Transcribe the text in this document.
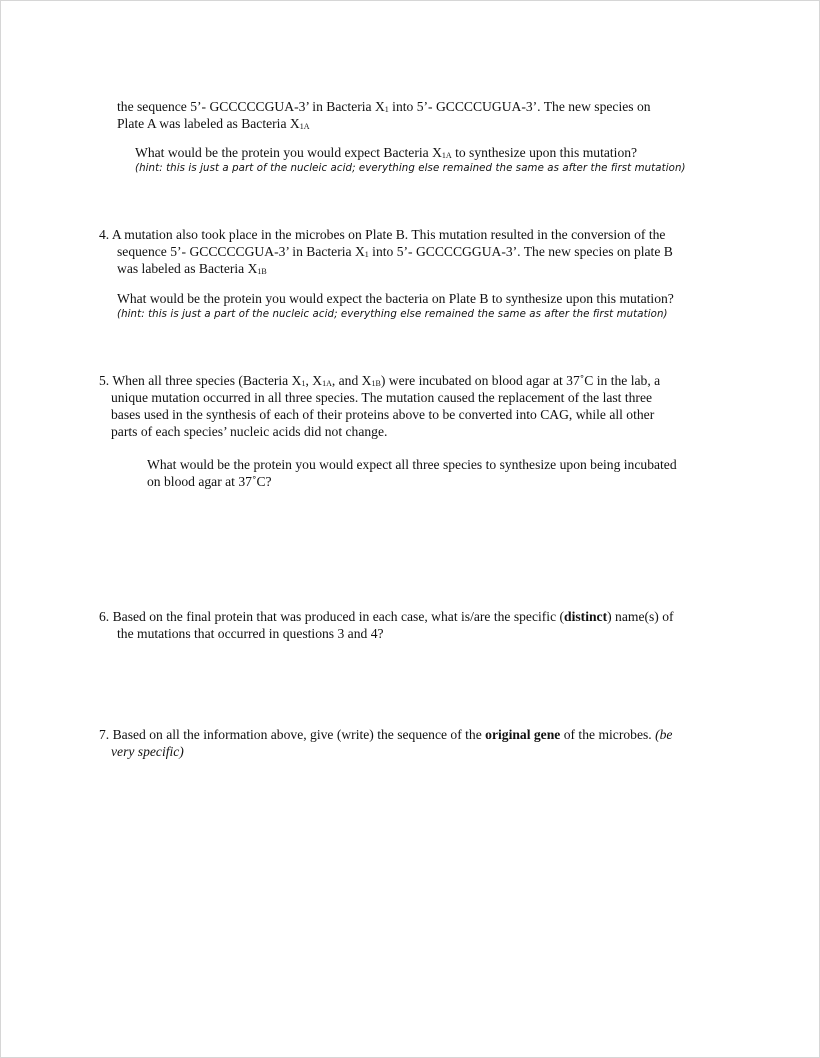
the sequence 5’- GCCCCCGUA-3’ in Bacteria $X_1$ into 5’- GCCCCUGUA-3’. The new species on

Plate A was labeled as Bacteria $X_{1A}$

What would be the protein you would expect Bacteria $X_{1A}$ to synthesize upon this mutation?

(hint: this is just a part of the nucleic acid; everything else remained the same as after the first mutation)

4. A mutation also took place in the microbes on Plate B. This mutation resulted in the conversion of the

sequence 5’- GCCCCCGUA-3’ in Bacteria $X_1$ into 5’- GCCCCGGUA-3’. The new species on plate B

was labeled as Bacteria $X_{1B}$

What would be the protein you would expect the bacteria on Plate B to synthesize upon this mutation?

(hint: this is just a part of the nucleic acid; everything else remained the same as after the first mutation)

5. When all three species (Bacteria $X_1$, $X_{1A}$, and $X_{1B}$) were incubated on blood agar at 37˚C in the lab, a

unique mutation occurred in all three species. The mutation caused the replacement of the last three

bases used in the synthesis of each of their proteins above to be converted into CAG, while all other

parts of each species’ nucleic acids did not change.

What would be the protein you would expect all three species to synthesize upon being incubated

on blood agar at 37˚C?

6. Based on the final protein that was produced in each case, what is/are the specific (distinct) name(s) of

the mutations that occurred in questions 3 and 4?

7. Based on all the information above, give (write) the sequence of the original gene of the microbes. (be

very specific)
